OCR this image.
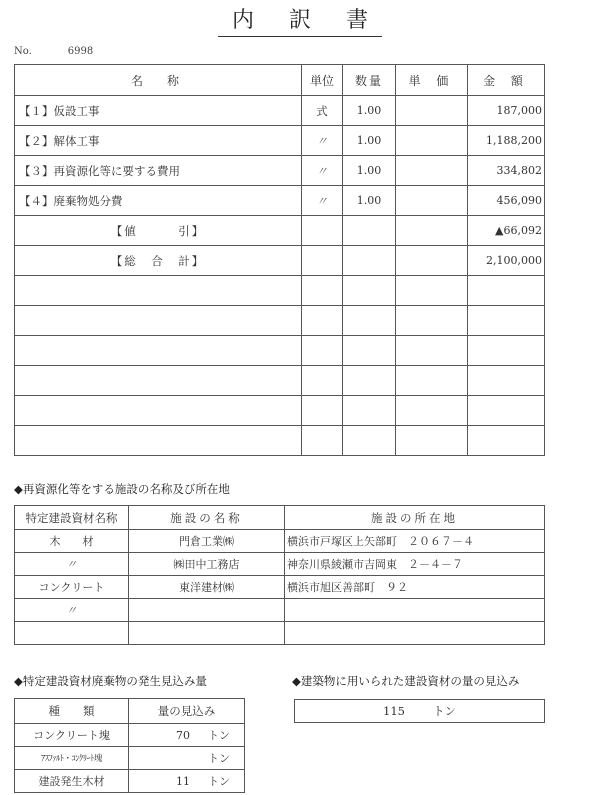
内 訳 書
No.	6998
名　称	単位	数量	単 価	金 額
【１】仮設工事	式	1.00		187,000
【２】解体工事	〃	1.00		1,188,200
【３】再資源化等に要する費用	〃	1.00		334,802
【４】廃棄物処分費	〃	1.00		456,090
【値　　　引】				▲66,092
【総　合　計】				2,100,000

◆再資源化等をする施設の名称及び所在地
特定建設資材名称	施設の名称	施設の所在地
木　　材	門倉工業㈱	横浜市戸塚区上矢部町　２０６７－４
〃	㈱田中工務店	神奈川県綾瀬市吉岡東　２－４－７
コンクリート	東洋建材㈱	横浜市旭区善部町　９２
〃		

◆特定建設資材廃棄物の発生見込み量
種　　類	量の見込み
コンクリート塊	70 トン
ｱｽﾌｧﾙﾄ・ｺﾝｸﾘｰﾄ塊	トン
建設発生木材	11 トン
◆建築物に用いられた建設資材の量の見込み
115 トン
